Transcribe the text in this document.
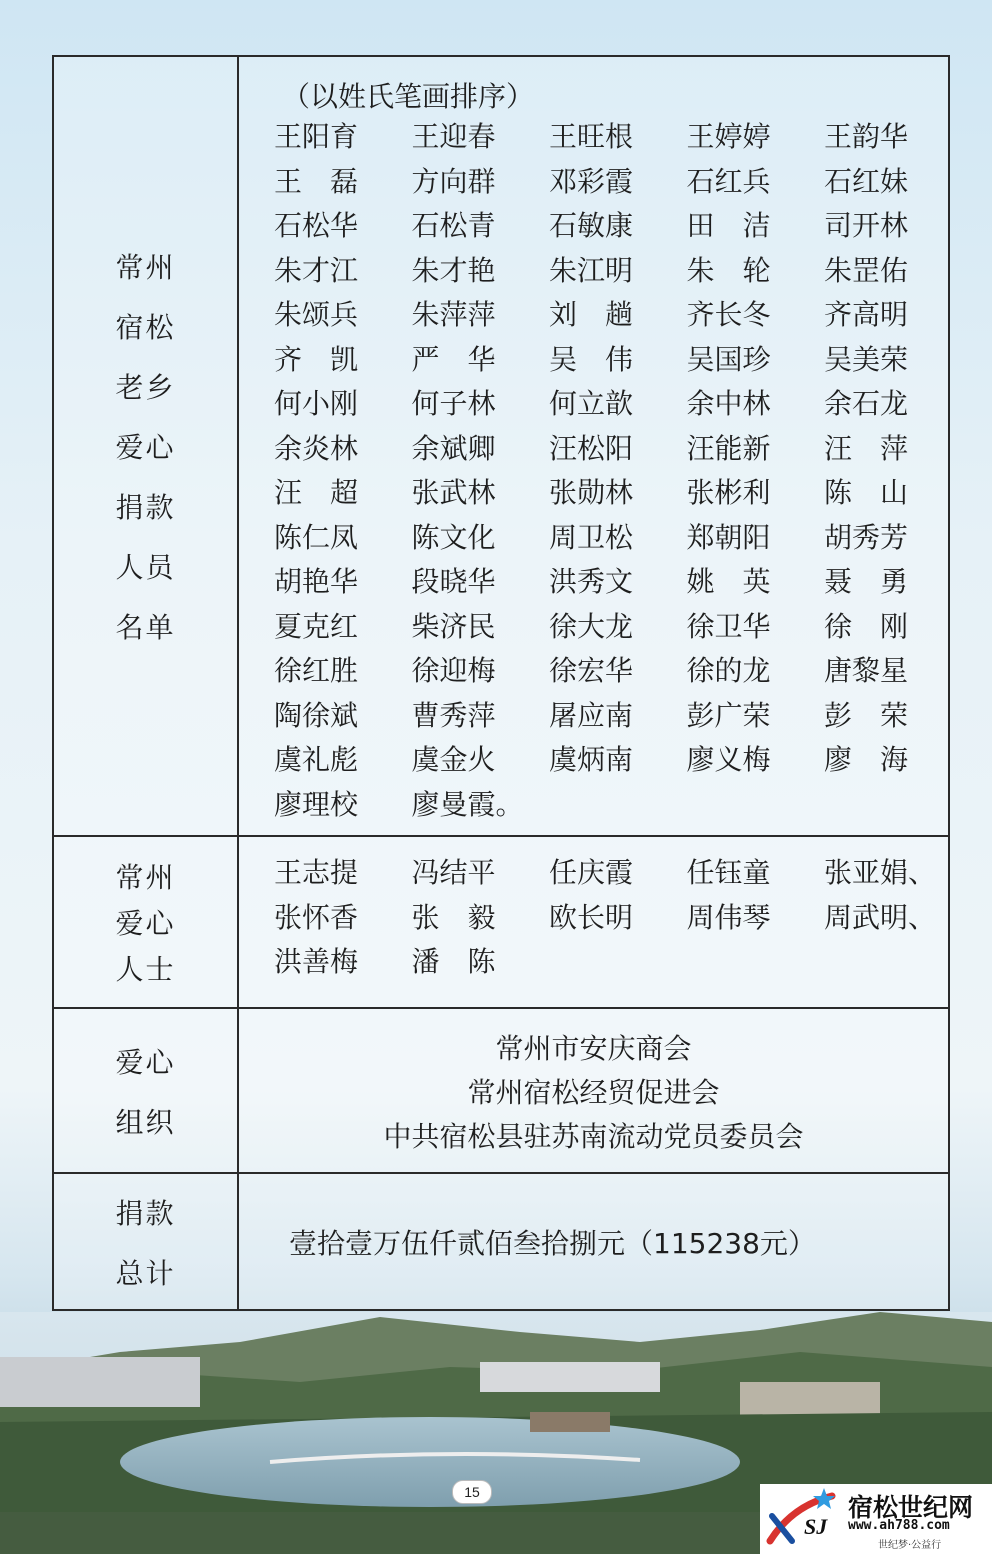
常州
宿松
老乡
爱心
捐款
人员
名单
（以姓氏笔画排序）
王阳育	王迎春	王旺根	王婷婷	王韵华
王　磊	方向群	邓彩霞	石红兵	石红妹
石松华	石松青	石敏康	田　洁	司开林
朱才江	朱才艳	朱江明	朱　轮	朱罡佑
朱颂兵	朱萍萍	刘　趟	齐长冬	齐高明
齐　凯	严　华	吴　伟	吴国珍	吴美荣
何小刚	何子林	何立歆	余中林	余石龙
余炎林	余斌卿	汪松阳	汪能新	汪　萍
汪　超	张武林	张勋林	张彬利	陈　山
陈仁凤	陈文化	周卫松	郑朝阳	胡秀芳
胡艳华	段晓华	洪秀文	姚　英	聂　勇
夏克红	柴济民	徐大龙	徐卫华	徐　刚
徐红胜	徐迎梅	徐宏华	徐的龙	唐黎星
陶徐斌	曹秀萍	屠应南	彭广荣	彭　荣
虞礼彪	虞金火	虞炳南	廖义梅	廖　海
廖理校	廖曼霞。
常州
爱心
人士
王志提	冯结平	任庆霞	任钰童	张亚娟、
张怀香	张　毅	欧长明	周伟琴	周武明、
洪善梅	潘　陈
爱心
组织
常州市安庆商会
常州宿松经贸促进会
中共宿松县驻苏南流动党员委员会
捐款
总计
壹拾壹万伍仟贰佰叁拾捌元（115238元）
15
SJ
宿松世纪网
www.ah788.com
世纪梦·公益行
